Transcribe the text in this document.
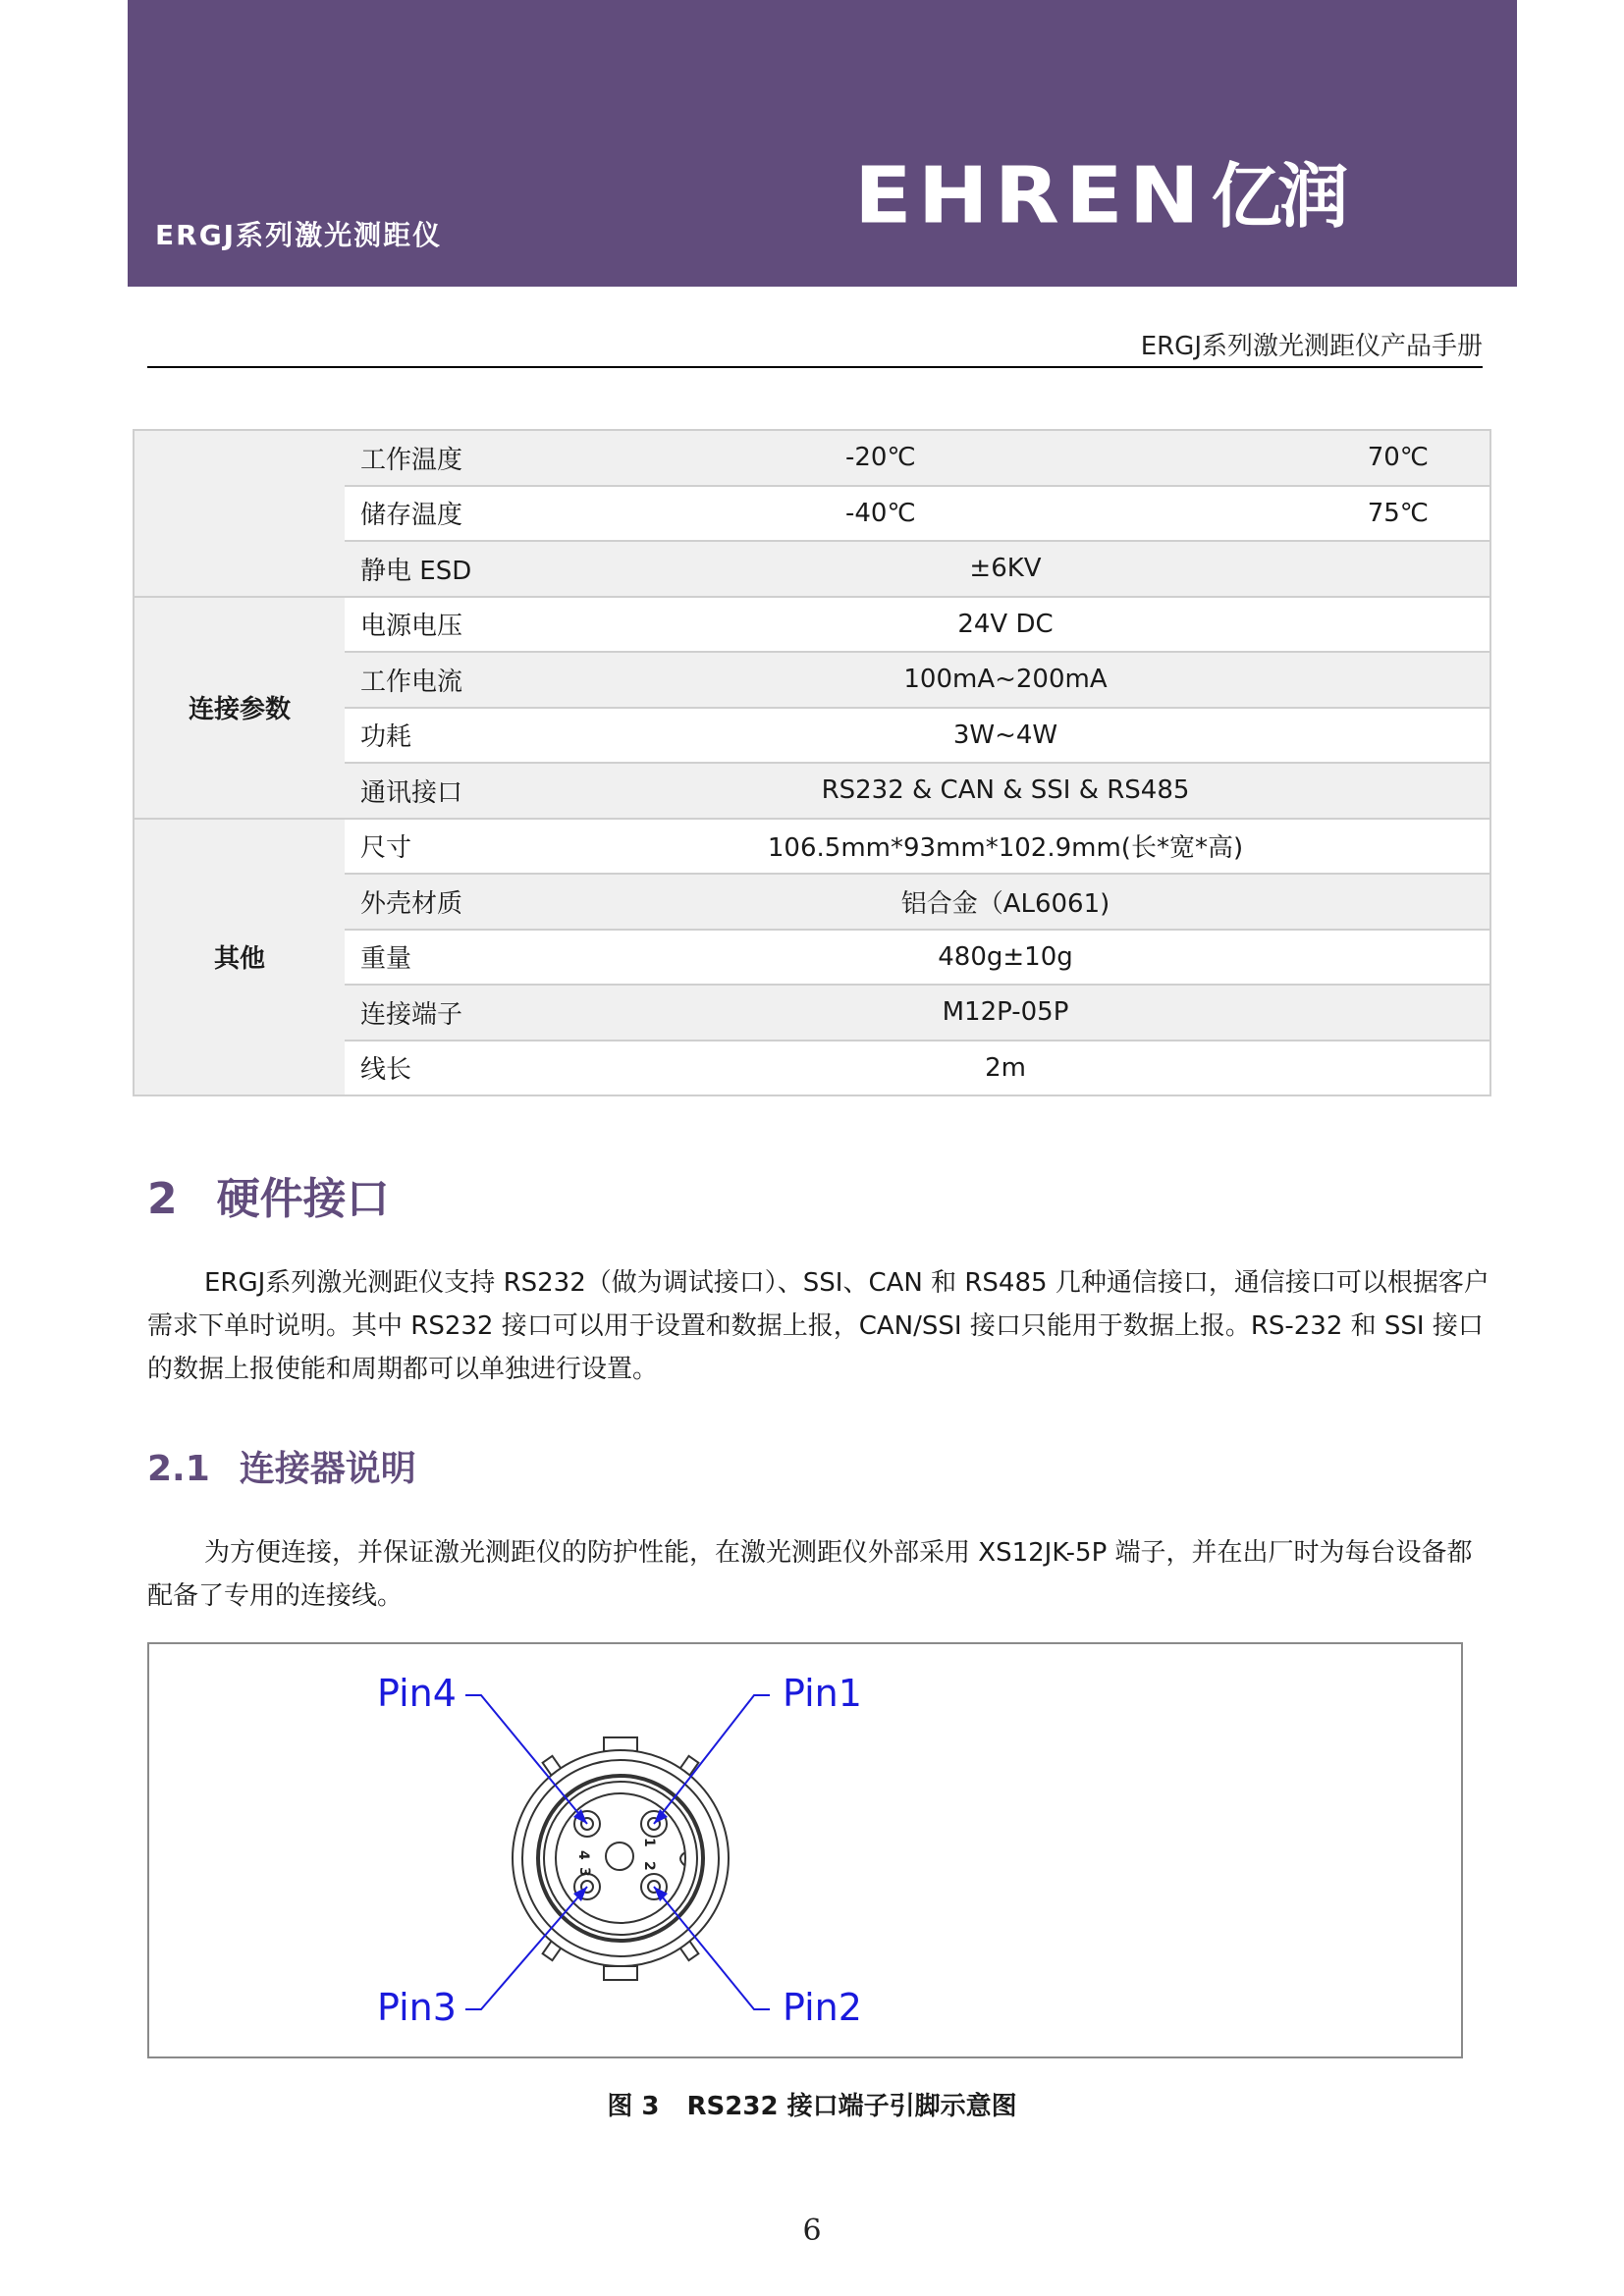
ERGJ系列激光测距仪	EHREN 亿润
ERGJ系列激光测距仪产品手册
	工作温度	-20℃ 70℃

	储存温度	-40℃ 75℃

	静电 ESD	±6KV
连接参数	电源电压	24V DC
	工作电流	100mA~200mA
	功耗	3W~4W
	通讯接口	RS232 & CAN & SSI & RS485
其他	尺寸	106.5mm*93mm*102.9mm(长*宽*高)
	外壳材质	铝合金（AL6061)
	重量	480g±10g
	连接端子	M12P-05P
	线长	2m
2 硬件接口

ERGJ系列激光测距仪支持 RS232（做为调试接口）、SSI、CAN 和 RS485 几种通信接口，通信接口可以根据客户需求下单时说明。其中 RS232 接口可以用于设置和数据上报，CAN/SSI 接口只能用于数据上报。RS-232 和 SSI 接口的数据上报使能和周期都可以单独进行设置。

2.1 连接器说明

为方便连接，并保证激光测距仪的防护性能，在激光测距仪外部采用 XS12JK-5P 端子，并在出厂时为每台设备都配备了专用的连接线。

4
3
1
2
Pin4	Pin1
Pin3	Pin2
图 3 RS232 接口端子引脚示意图
6
